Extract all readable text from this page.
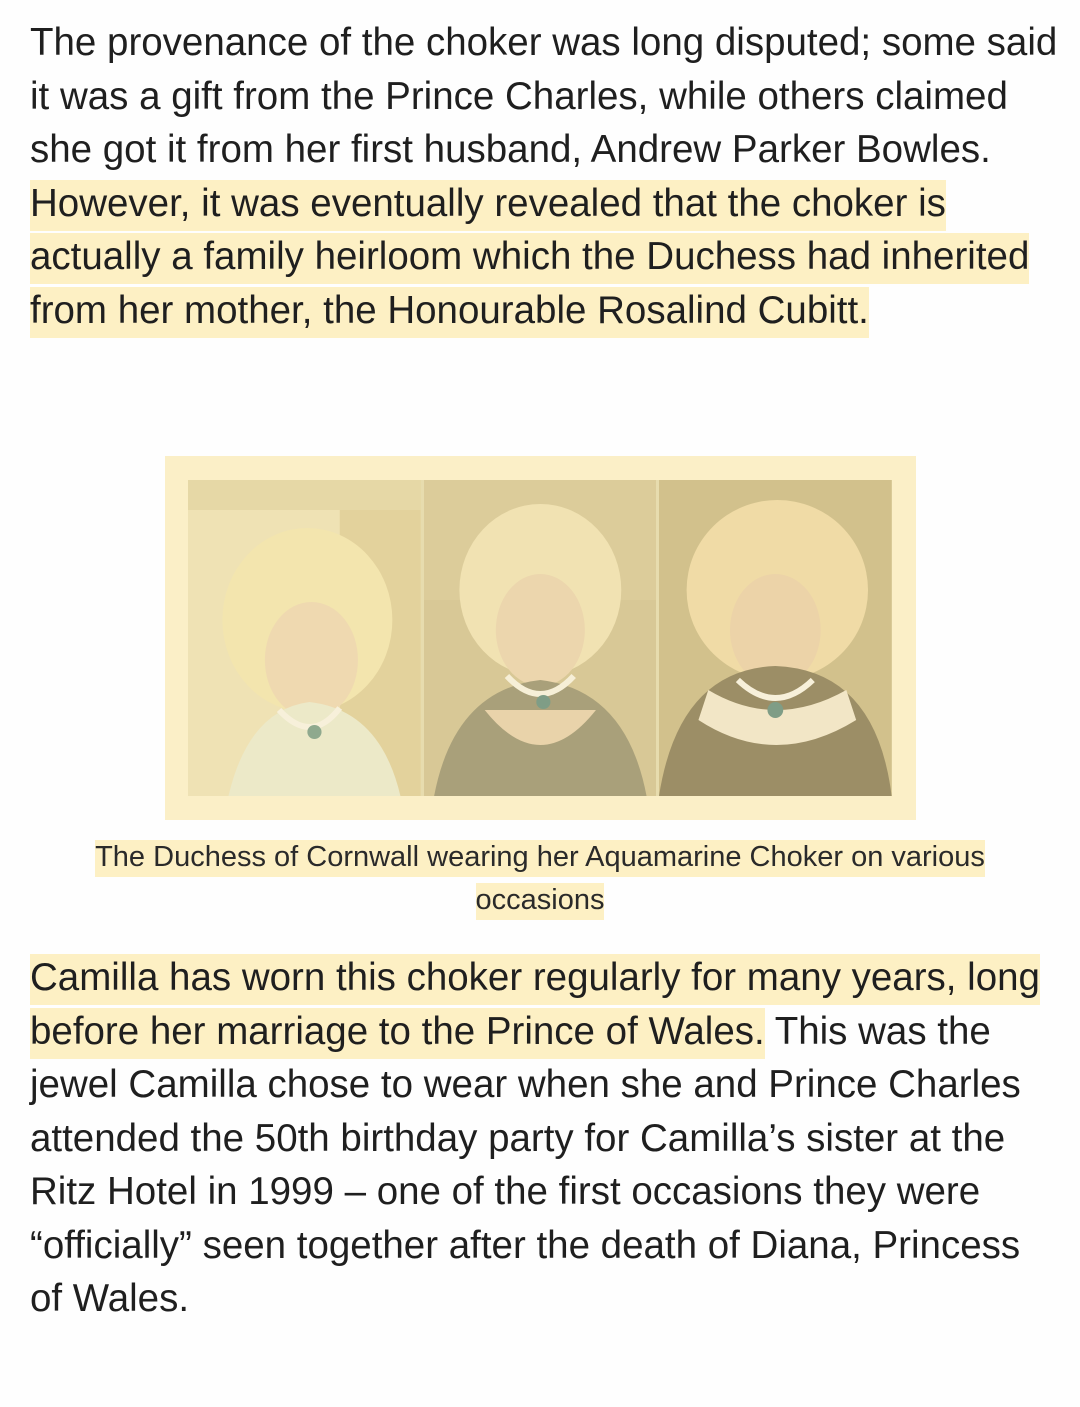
The provenance of the choker was long disputed; some said it was a gift from the Prince Charles, while others claimed she got it from her first husband, Andrew Parker Bowles. However, it was eventually revealed that the choker is actually a family heirloom which the Duchess had inherited from her mother, the Honourable Rosalind Cubitt.

The Duchess of Cornwall wearing her Aquamarine Choker on various occasions

Camilla has worn this choker regularly for many years, long before her marriage to the Prince of Wales. This was the jewel Camilla chose to wear when she and Prince Charles attended the 50th birthday party for Camilla’s sister at the Ritz Hotel in 1999 – one of the first occasions they were “officially” seen together after the death of Diana, Princess of Wales.
